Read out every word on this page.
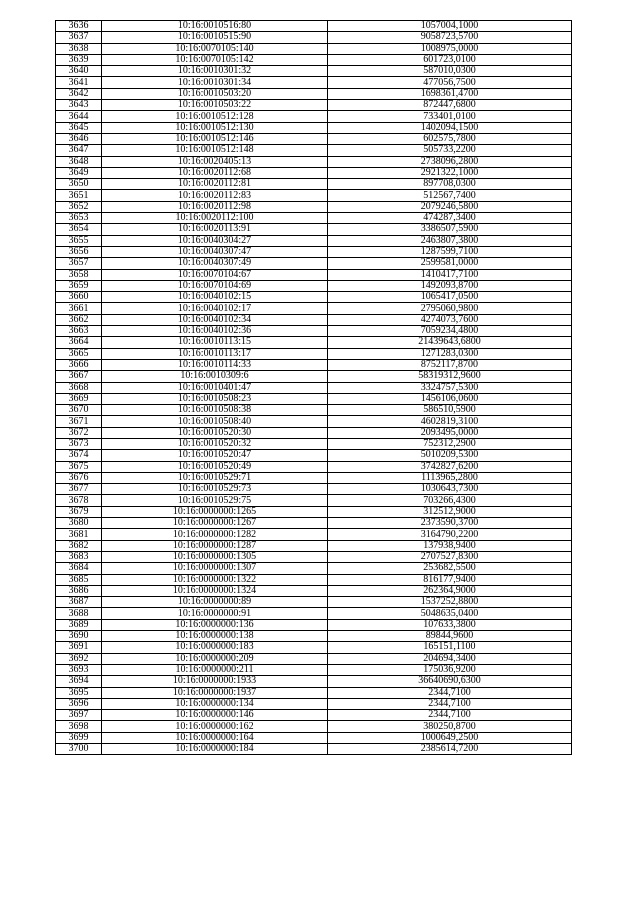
3636	10:16:0010516:80	1057004,1000
3637	10:16:0010515:90	9058723,5700
3638	10:16:0070105:140	1008975,0000
3639	10:16:0070105:142	601723,0100
3640	10:16:0010301:32	587010,0300
3641	10:16:0010301:34	477056,7500
3642	10:16:0010503:20	1698361,4700
3643	10:16:0010503:22	872447,6800
3644	10:16:0010512:128	733401,0100
3645	10:16:0010512:130	1402094,1500
3646	10:16:0010512:146	602575,7800
3647	10:16:0010512:148	505733,2200
3648	10:16:0020405:13	2738096,2800
3649	10:16:0020112:68	2921322,1000
3650	10:16:0020112:81	897708,0300
3651	10:16:0020112:83	512567,7400
3652	10:16:0020112:98	2079246,5800
3653	10:16:0020112:100	474287,3400
3654	10:16:0020113:91	3386507,5900
3655	10:16:0040304:27	2463807,3800
3656	10:16:0040307:47	1287599,7100
3657	10:16:0040307:49	2599581,0000
3658	10:16:0070104:67	1410417,7100
3659	10:16:0070104:69	1492093,8700
3660	10:16:0040102:15	1065417,0500
3661	10:16:0040102:17	2795060,9800
3662	10:16:0040102:34	4274073,7600
3663	10:16:0040102:36	7059234,4800
3664	10:16:0010113:15	21439643,6800
3665	10:16:0010113:17	1271283,0300
3666	10:16:0010114:33	8752117,8700
3667	10:16:0010309:6	58319312,9600
3668	10:16:0010401:47	3324757,5300
3669	10:16:0010508:23	1456106,0600
3670	10:16:0010508:38	586510,5900
3671	10:16:0010508:40	4602819,3100
3672	10:16:0010520:30	2093495,0000
3673	10:16:0010520:32	752312,2900
3674	10:16:0010520:47	5010209,5300
3675	10:16:0010520:49	3742827,6200
3676	10:16:0010529:71	1113965,2800
3677	10:16:0010529:73	1030643,7300
3678	10:16:0010529:75	703266,4300
3679	10:16:0000000:1265	312512,9000
3680	10:16:0000000:1267	2373590,3700
3681	10:16:0000000:1282	3164790,2200
3682	10:16:0000000:1287	137938,9400
3683	10:16:0000000:1305	2707527,8300
3684	10:16:0000000:1307	253682,5500
3685	10:16:0000000:1322	816177,9400
3686	10:16:0000000:1324	262364,9000
3687	10:16:0000000:89	1537252,8800
3688	10:16:0000000:91	5048635,0400
3689	10:16:0000000:136	107633,3800
3690	10:16:0000000:138	89844,9600
3691	10:16:0000000:183	165151,1100
3692	10:16:0000000:209	204694,3400
3693	10:16:0000000:211	175036,9200
3694	10:16:0000000:1933	36640690,6300
3695	10:16:0000000:1937	2344,7100
3696	10:16:0000000:134	2344,7100
3697	10:16:0000000:146	2344,7100
3698	10:16:0000000:162	380250,8700
3699	10:16:0000000:164	1000649,2500
3700	10:16:0000000:184	2385614,7200
